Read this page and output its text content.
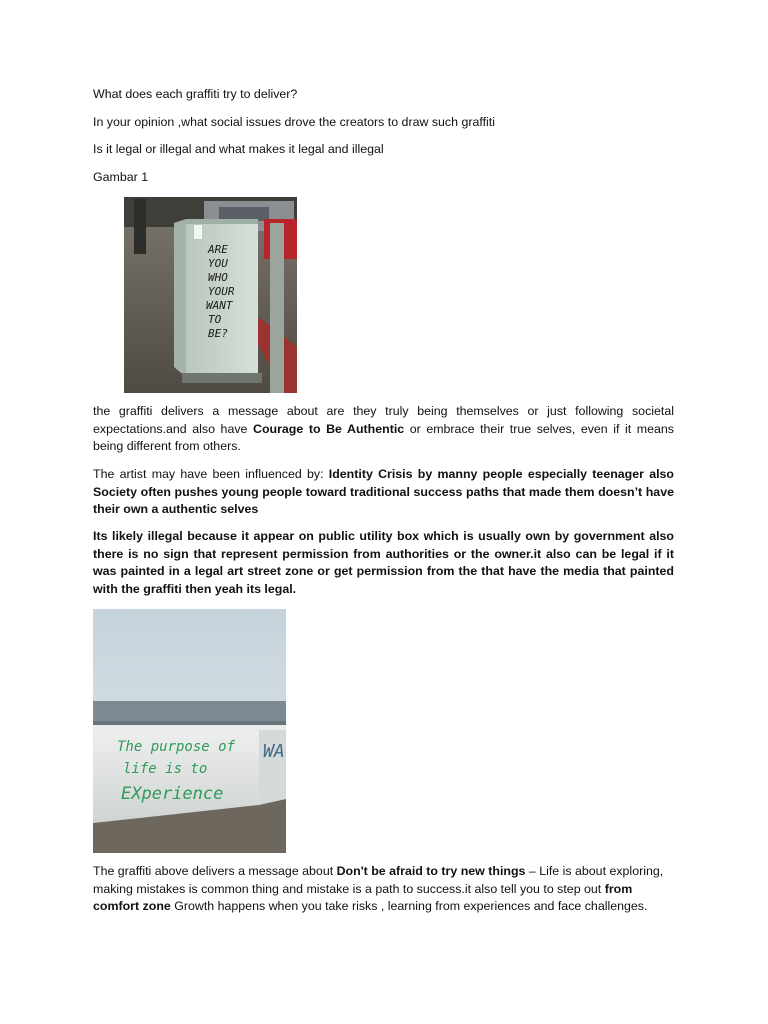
What does each graffiti try to deliver?

In your opinion ,what social issues drove the creators to draw such graffiti

Is it legal or illegal and what makes it legal and illegal

Gambar 1

ARE
YOU
WHO
YOUR
WANT
TO
BE?

the graffiti delivers a message about are they truly being themselves or just following societal expectations.and also have Courage to Be Authentic or embrace their true selves, even if it means being different from others.

The artist may have been influenced by: Identity Crisis by manny people especially teenager also Society often pushes young people toward traditional success paths that made them doesn’t have their own a authentic selves

Its likely illegal because it appear on public utility box which is usually own by government also there is no sign that represent permission from authorities or the owner.it also can be legal if it was painted in a legal art street zone or get permission from the that have the media that painted with the graffiti then yeah its legal.

The purpose of
life is to
EXperience
WA

The graffiti above delivers a message about Don't be afraid to try new things – Life is about exploring, making mistakes is common thing and mistake is a path to success.it also tell you to step out from comfort zone Growth happens when you take risks , learning from experiences and face challenges.
